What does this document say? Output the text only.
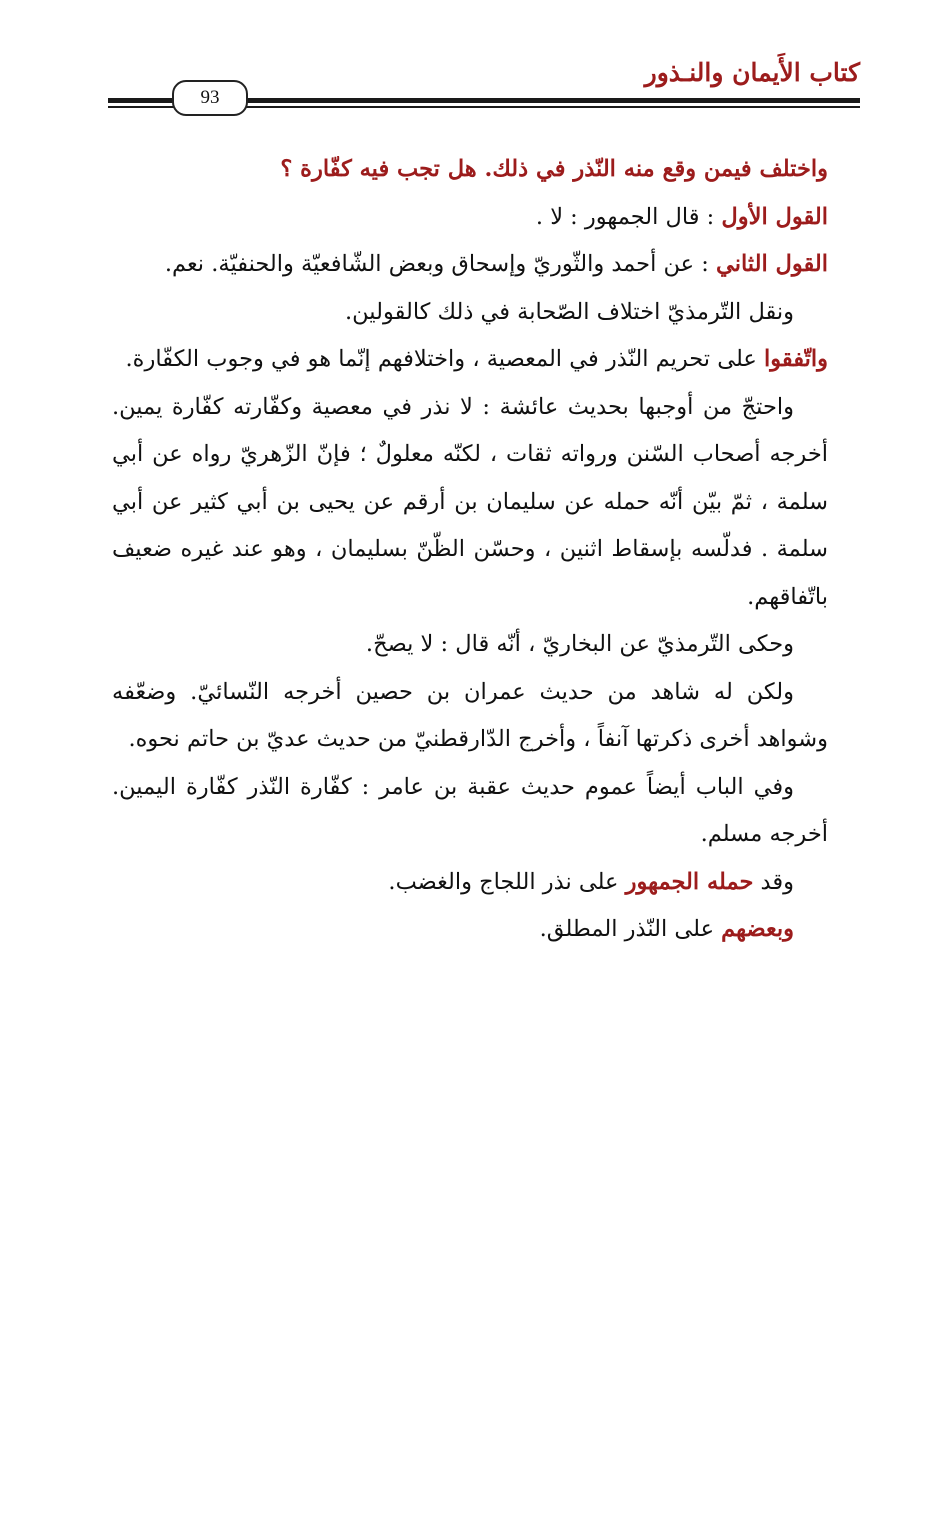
كتاب الأَيمان والنـذور
93

واختلف فيمن وقع منه النّذر في ذلك. هل تجب فيه كفّارة ؟

القول الأول : قال الجمهور : لا .

القول الثاني : عن أحمد والثّوريّ وإسحاق وبعض الشّافعيّة والحنفيّة. نعم.

ونقل التّرمذيّ اختلاف الصّحابة في ذلك كالقولين.

واتّفقوا على تحريم النّذر في المعصية ، واختلافهم إنّما هو في وجوب الكفّارة.

واحتجّ من أوجبها بحديث عائشة : لا نذر في معصية وكفّارته كفّارة يمين. أخرجه أصحاب السّنن ورواته ثقات ، لكنّه معلولٌ ؛ فإنّ الزّهريّ رواه عن أبي سلمة ، ثمّ بيّن أنّه حمله عن سليمان بن أرقم عن يحيى بن أبي كثير عن أبي سلمة . فدلّسه بإسقاط اثنين ، وحسّن الظّنّ بسليمان ، وهو عند غيره ضعيف باتّفاقهم.

وحكى التّرمذيّ عن البخاريّ ، أنّه قال : لا يصحّ.

ولكن له شاهد من حديث عمران بن حصين أخرجه النّسائيّ. وضعّفه وشواهد أخرى ذكرتها آنفاً ، وأخرج الدّارقطنيّ من حديث عديّ بن حاتم نحوه.

وفي الباب أيضاً عموم حديث عقبة بن عامر : كفّارة النّذر كفّارة اليمين. أخرجه مسلم.

وقد حمله الجمهور على نذر اللجاج والغضب.

وبعضهم على النّذر المطلق.
